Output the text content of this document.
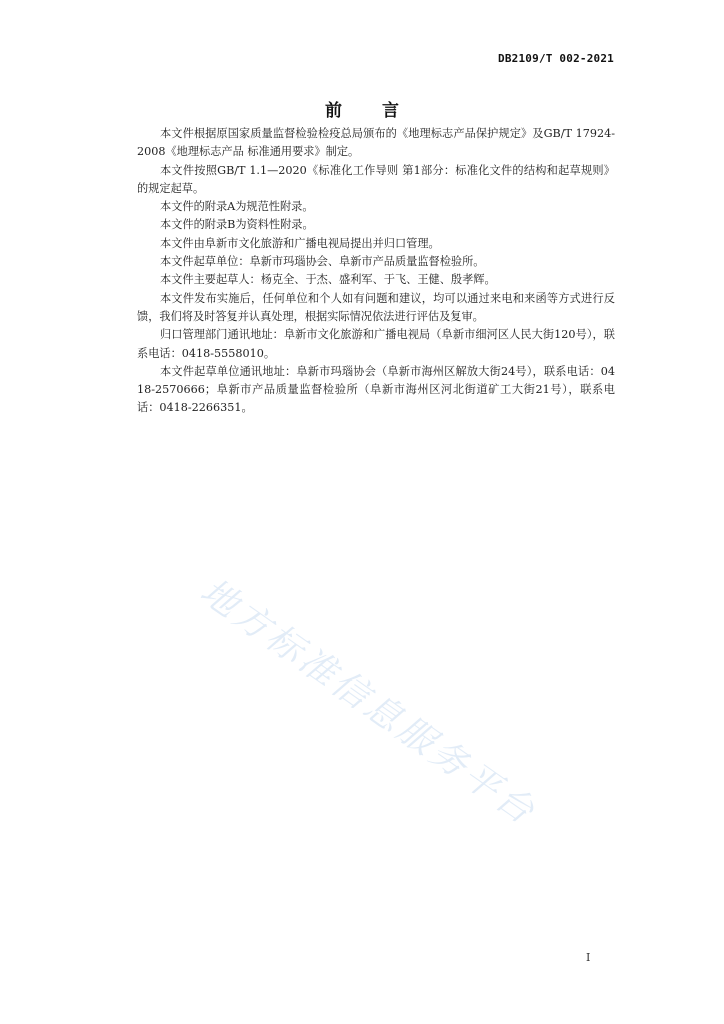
DB2109/T 002-2021
前 言

本文件根据原国家质量监督检验检疫总局颁布的《地理标志产品保护规定》及GB/T 17924-2008《地理标志产品 标准通用要求》制定。

本文件按照GB/T 1.1—2020《标准化工作导则 第1部分：标准化文件的结构和起草规则》的规定起草。

本文件的附录A为规范性附录。

本文件的附录B为资料性附录。

本文件由阜新市文化旅游和广播电视局提出并归口管理。

本文件起草单位：阜新市玛瑙协会、阜新市产品质量监督检验所。

本文件主要起草人：杨克全、于杰、盛利军、于飞、王健、殷孝辉。

本文件发布实施后，任何单位和个人如有问题和建议，均可以通过来电和来函等方式进行反馈，我们将及时答复并认真处理，根据实际情况依法进行评估及复审。

归口管理部门通讯地址：阜新市文化旅游和广播电视局（阜新市细河区人民大街120号），联系电话：0418-5558010。

本文件起草单位通讯地址：阜新市玛瑙协会（阜新市海州区解放大街24号），联系电话：0418-2570666；阜新市产品质量监督检验所（阜新市海州区河北街道矿工大街21号），联系电话：0418-2266351。

地方标准信息服务平台
I
